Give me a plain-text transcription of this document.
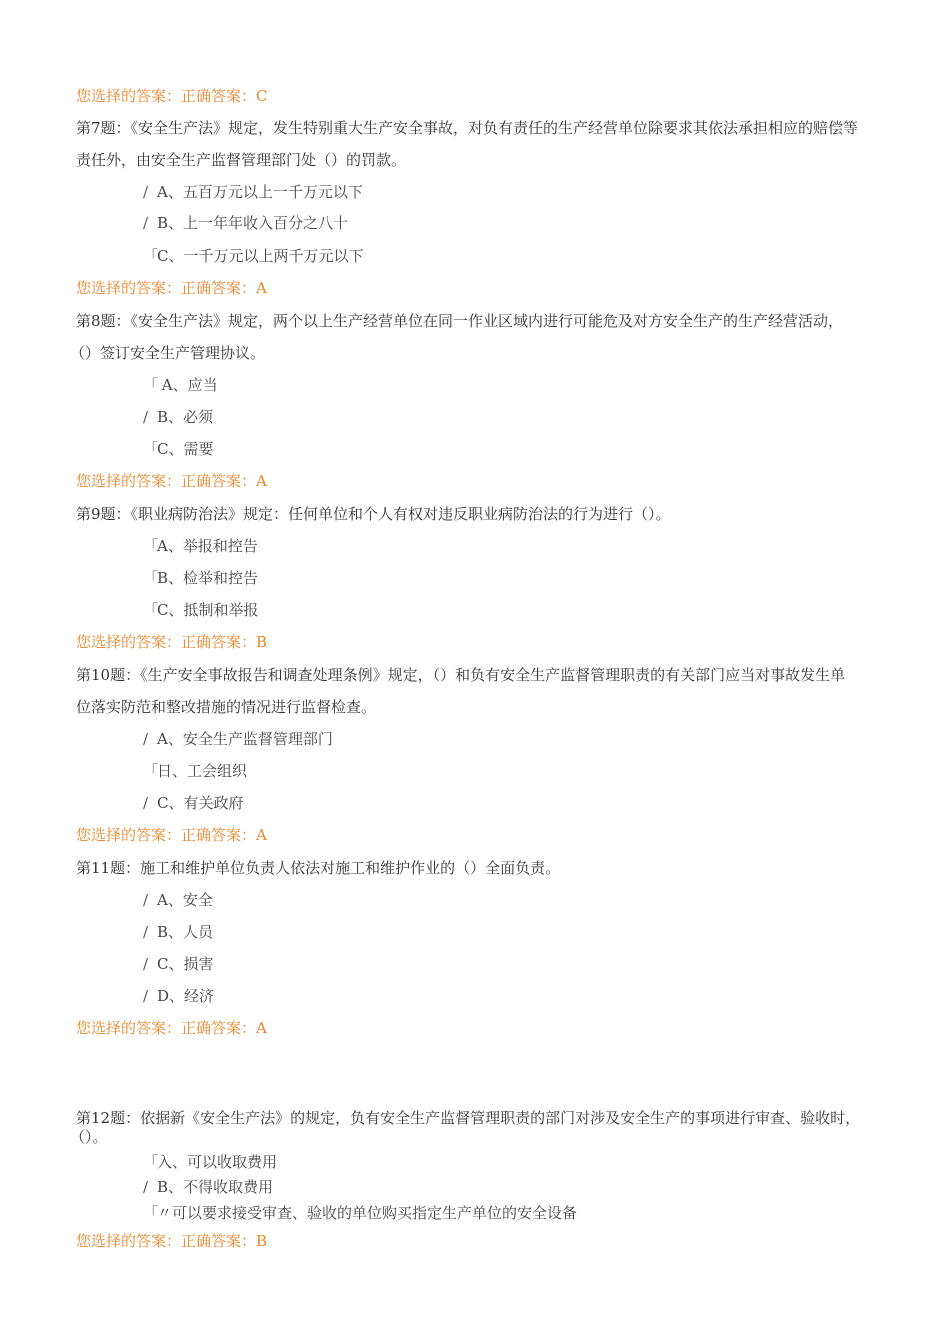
您选择的答案：正确答案：C
第7题：《安全生产法》规定，发生特别重大生产安全事故，对负有责任的生产经营单位除要求其依法承担相应的赔偿等
责任外，由安全生产监督管理部门处（）的罚款。
/ A、五百万元以上一千万元以下
/ B、上一年年收入百分之八十
「C、一千万元以上两千万元以下
您选择的答案：正确答案：A
第8题：《安全生产法》规定，两个以上生产经营单位在同一作业区域内进行可能危及对方安全生产的生产经营活动，
（）签订安全生产管理协议。
「 A、应当
/ B、必须
「C、需要
您选择的答案：正确答案：A
第9题：《职业病防治法》规定：任何单位和个人有权对违反职业病防治法的行为进行（）。
「A、举报和控告
「B、检举和控告
「C、抵制和举报
您选择的答案：正确答案：B
第10题：《生产安全事故报告和调查处理条例》规定，（）和负有安全生产监督管理职责的有关部门应当对事故发生单
位落实防范和整改措施的情况进行监督检查。
/ A、安全生产监督管理部门
「日、工会组织
/ C、有关政府
您选择的答案：正确答案：A
第11题：施工和维护单位负责人依法对施工和维护作业的（）全面负责。
/ A、安全
/ B、人员
/ C、损害
/ D、经济
您选择的答案：正确答案：A
第12题：依据新《安全生产法》的规定，负有安全生产监督管理职责的部门对涉及安全生产的事项进行审查、验收时，
（）。
「入、可以收取费用
/ B、不得收取费用
「〃可以要求接受审查、验收的单位购买指定生产单位的安全设备
您选择的答案：正确答案：B
